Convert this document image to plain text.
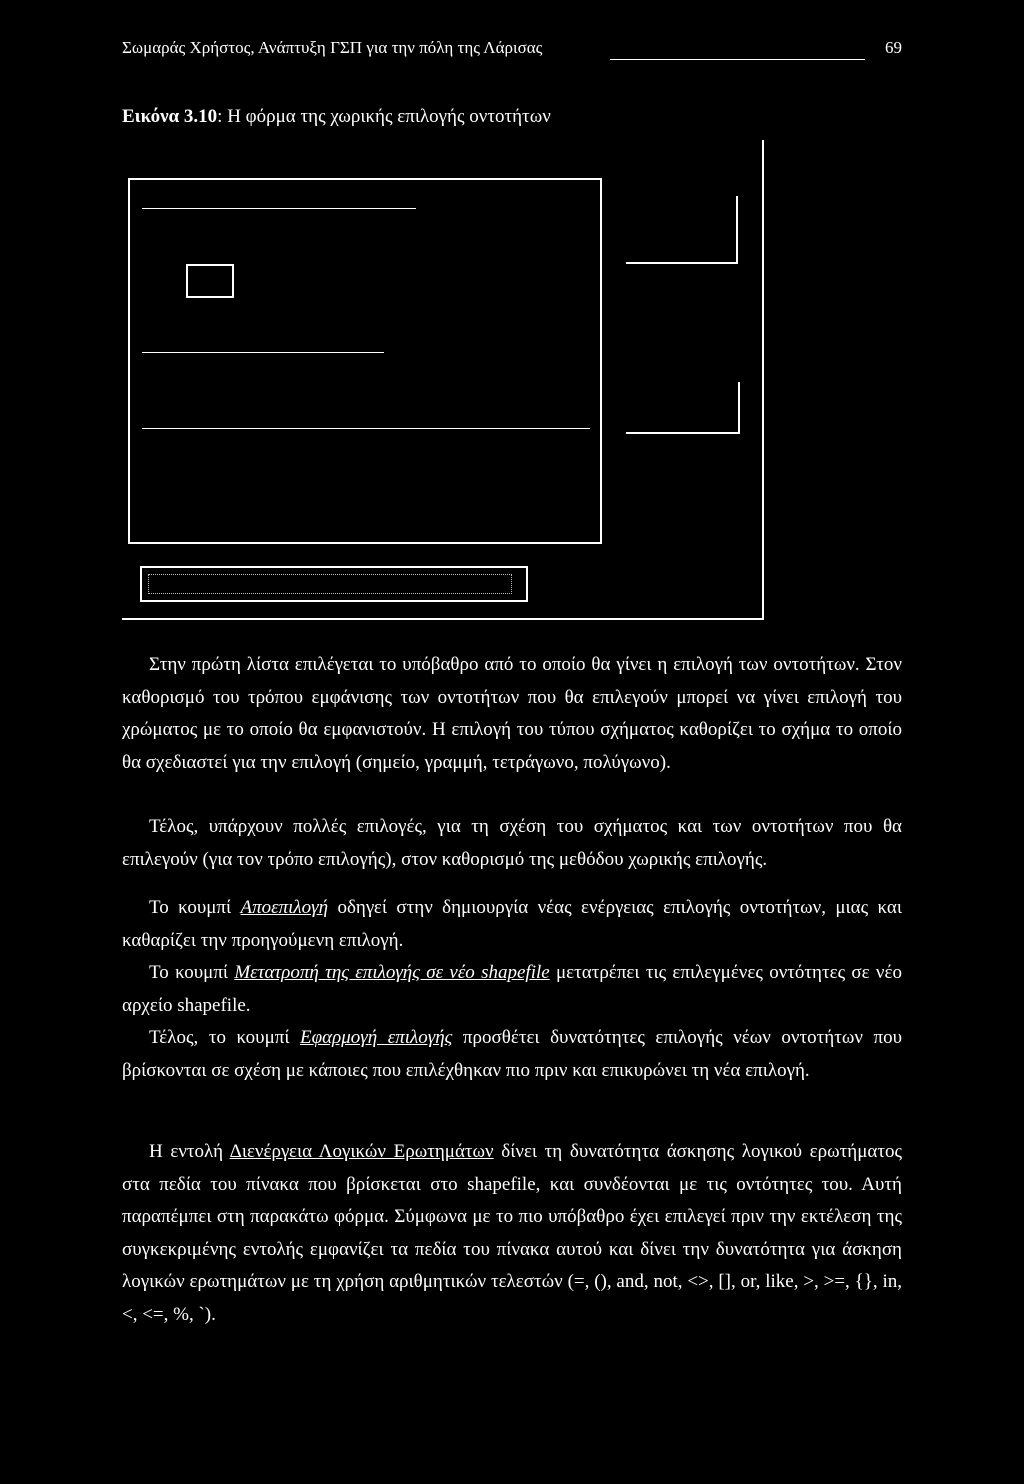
Σωμαράς Χρήστος, Ανάπτυξη ΓΣΠ για την πόλη της Λάρισας	69
Εικόνα 3.10: Η φόρμα της χωρικής επιλογής οντοτήτων

Στην πρώτη λίστα επιλέγεται το υπόβαθρο από το οποίο θα γίνει η επιλογή των οντοτήτων. Στον καθορισμό του τρόπου εμφάνισης των οντοτήτων που θα επιλεγούν μπορεί να γίνει επιλογή του χρώματος με το οποίο θα εμφανιστούν. Η επιλογή του τύπου σχήματος καθορίζει το σχήμα το οποίο θα σχεδιαστεί για την επιλογή (σημείο, γραμμή, τετράγωνο, πολύγωνο).

Τέλος, υπάρχουν πολλές επιλογές, για τη σχέση του σχήματος και των οντοτήτων που θα επιλεγούν (για τον τρόπο επιλογής), στον καθορισμό της μεθόδου χωρικής επιλογής.

Το κουμπί Αποεπιλογή οδηγεί στην δημιουργία νέας ενέργειας επιλογής οντοτήτων, μιας και καθαρίζει την προηγούμενη επιλογή.

Το κουμπί Μετατροπή της επιλογής σε νέο shapefile μετατρέπει τις επιλεγμένες οντότητες σε νέο αρχείο shapefile.

Τέλος, το κουμπί Εφαρμογή επιλογής προσθέτει δυνατότητες επιλογής νέων οντοτήτων που βρίσκονται σε σχέση με κάποιες που επιλέχθηκαν πιο πριν και επικυρώνει τη νέα επιλογή.

Η εντολή Διενέργεια Λογικών Ερωτημάτων δίνει τη δυνατότητα άσκησης λογικού ερωτήματος στα πεδία του πίνακα που βρίσκεται στο shapefile, και συνδέονται με τις οντότητες του. Αυτή παραπέμπει στη παρακάτω φόρμα. Σύμφωνα με το πιο υπόβαθρο έχει επιλεγεί πριν την εκτέλεση της συγκεκριμένης εντολής εμφανίζει τα πεδία του πίνακα αυτού και δίνει την δυνατότητα για άσκηση λογικών ερωτημάτων με τη χρήση αριθμητικών τελεστών (=, (), and, not, <>, [], or, like, >, >=, {}, in, <, <=, %, `).
